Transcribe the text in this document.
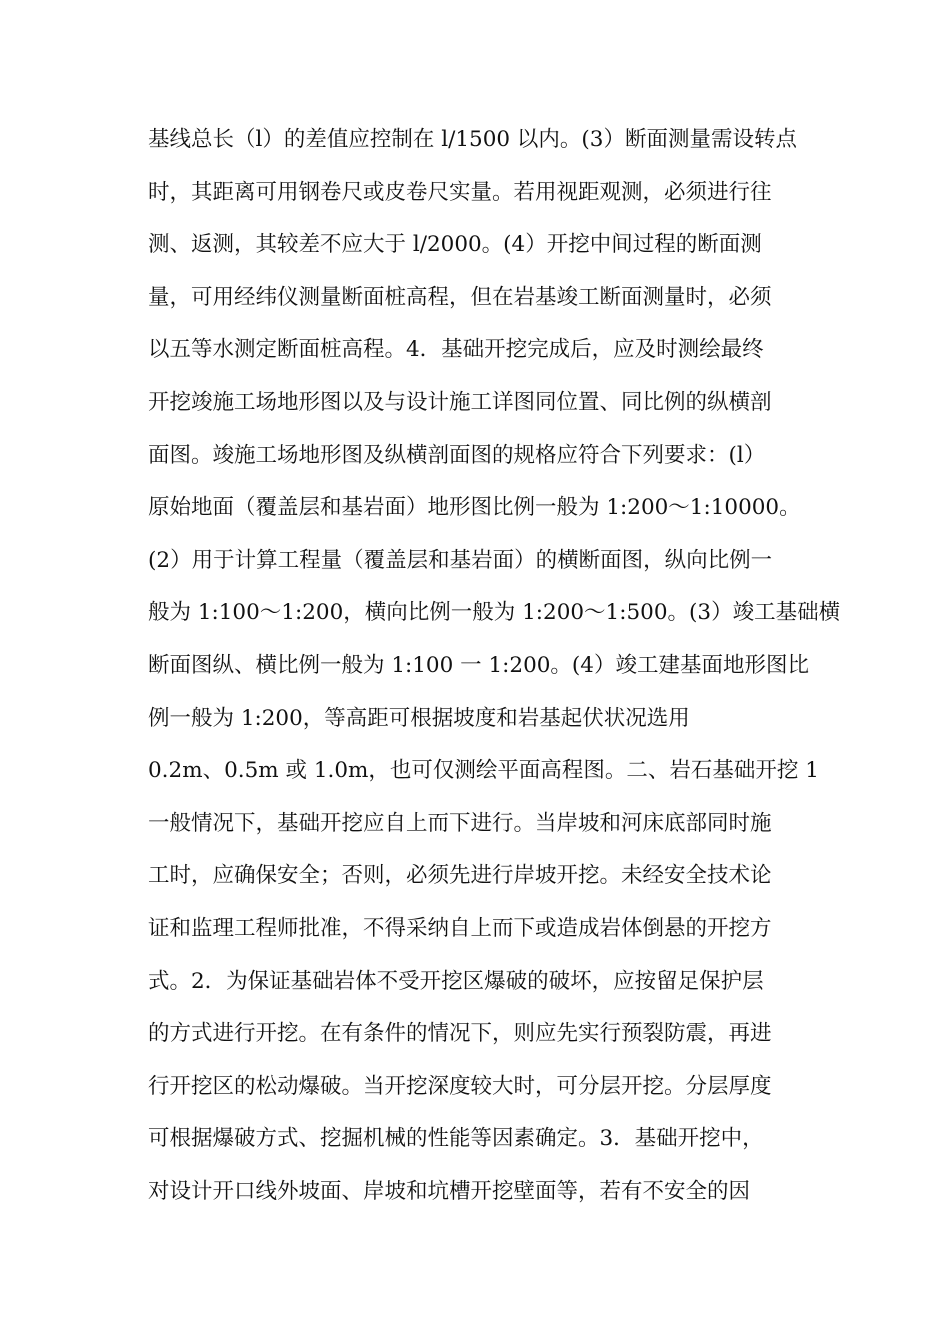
基线总长（l）的差值应控制在 l/1500 以内。(3）断面测量需设转点
时，其距离可用钢卷尺或皮卷尺实量。若用视距观测，必须进行往
测、返测，其较差不应大于 l/2000。(4）开挖中间过程的断面测
量，可用经纬仪测量断面桩高程，但在岩基竣工断面测量时，必须
以五等水测定断面桩高程。4．基础开挖完成后，应及时测绘最终
开挖竣施工场地形图以及与设计施工详图同位置、同比例的纵横剖
面图。竣施工场地形图及纵横剖面图的规格应符合下列要求：(l）
原始地面（覆盖层和基岩面）地形图比例一般为 1:200～1:10000。
(2）用于计算工程量（覆盖层和基岩面）的横断面图，纵向比例一
般为 1:100～1:200，横向比例一般为 1:200～1:500。(3）竣工基础横
断面图纵、横比例一般为 1:100 一 1:200。(4）竣工建基面地形图比
例一般为 1:200，等高距可根据坡度和岩基起伏状况选用
0.2m、0.5m 或 1.0m，也可仅测绘平面高程图。二、岩石基础开挖 1
一般情况下，基础开挖应自上而下进行。当岸坡和河床底部同时施
工时，应确保安全；否则，必须先进行岸坡开挖。未经安全技术论
证和监理工程师批准，不得采纳自上而下或造成岩体倒悬的开挖方
式。2．为保证基础岩体不受开挖区爆破的破坏，应按留足保护层
的方式进行开挖。在有条件的情况下，则应先实行预裂防震，再进
行开挖区的松动爆破。当开挖深度较大时，可分层开挖。分层厚度
可根据爆破方式、挖掘机械的性能等因素确定。3．基础开挖中，
对设计开口线外坡面、岸坡和坑槽开挖壁面等，若有不安全的因
